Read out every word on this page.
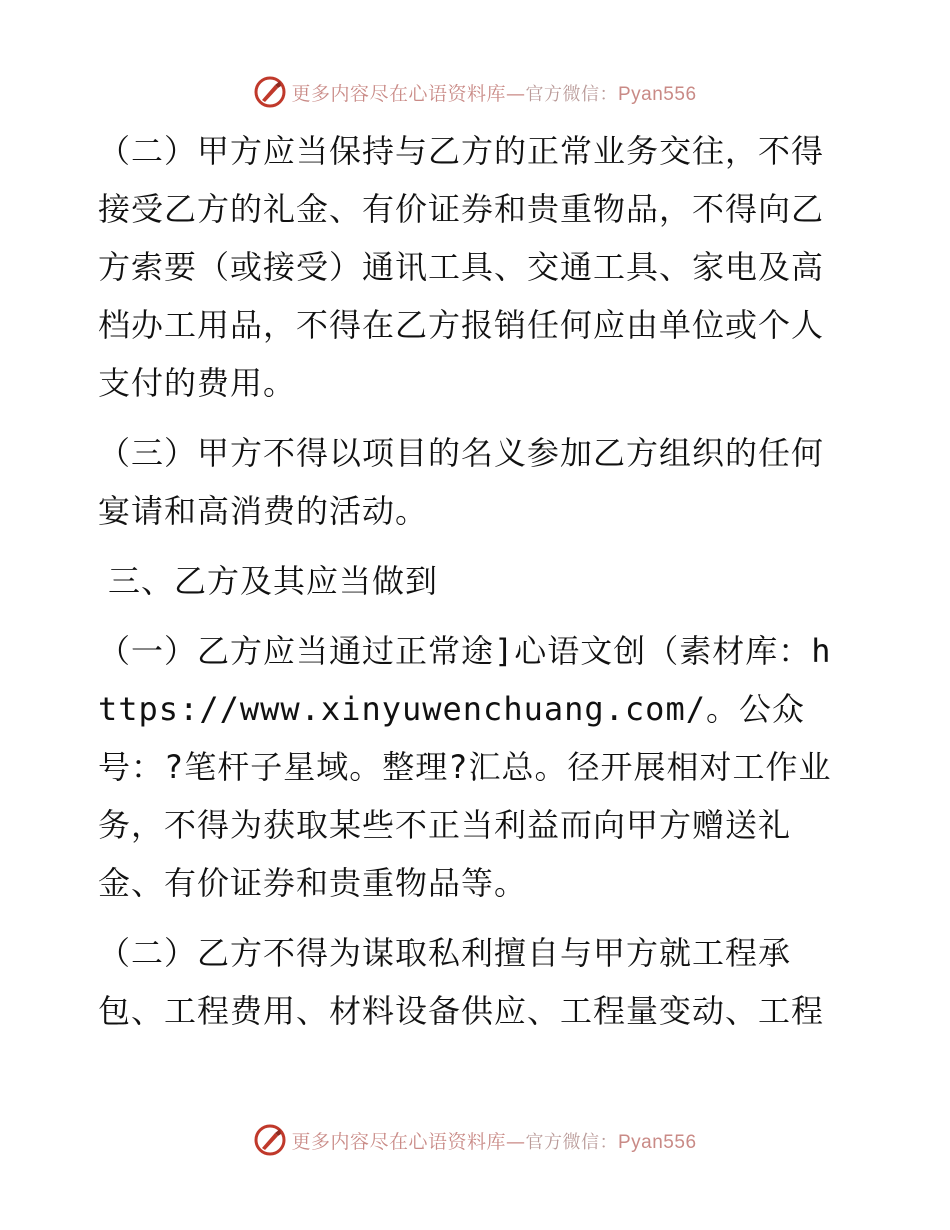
更多内容尽在心语资料库—官方微信：Pyan556

（二）甲方应当保持与乙方的正常业务交往，不得接受乙方的礼金、有价证券和贵重物品，不得向乙方索要（或接受）通讯工具、交通工具、家电及高档办工用品，不得在乙方报销任何应由单位或个人支付的费用。

（三）甲方不得以项目的名义参加乙方组织的任何宴请和高消费的活动。

三、乙方及其应当做到

（一）乙方应当通过正常途]心语文创（素材库：https://www.xinyuwenchuang.com/。公众号：?笔杆子星域。整理?汇总。径开展相对工作业务，不得为获取某些不正当利益而向甲方赠送礼金、有价证券和贵重物品等。

（二）乙方不得为谋取私利擅自与甲方就工程承包、工程费用、材料设备供应、工程量变动、工程

更多内容尽在心语资料库—官方微信：Pyan556
